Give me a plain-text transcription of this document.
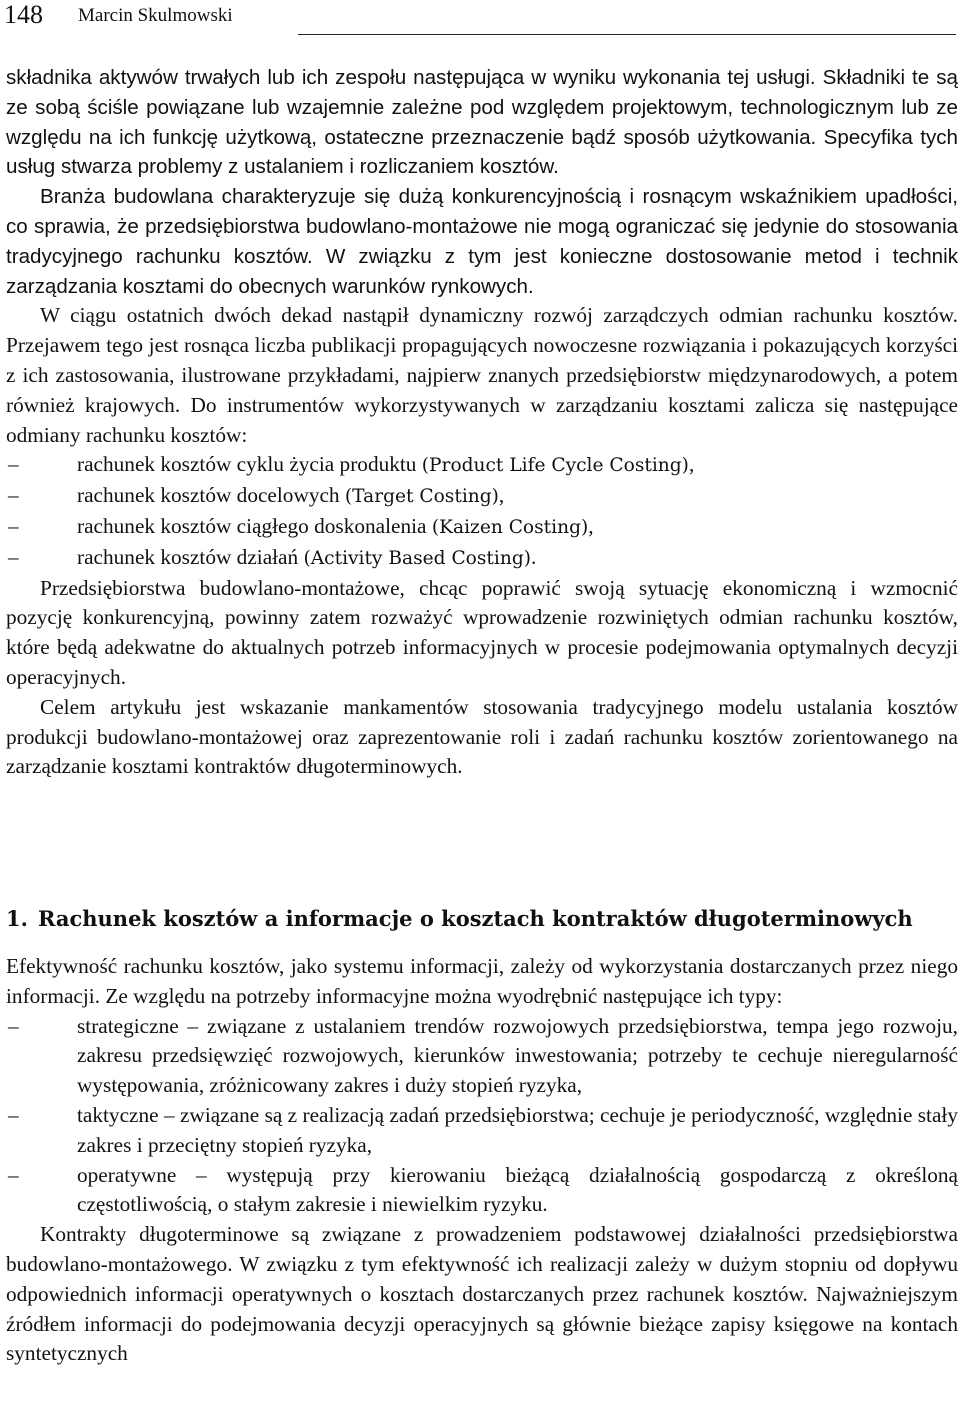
148 Marcin Skulmowski

składnika aktywów trwałych lub ich zespołu następująca w wyniku wykonania tej usługi. Składniki te są ze sobą ściśle powiązane lub wzajemnie zależne pod względem projektowym, technologicznym lub ze względu na ich funkcję użytkową, ostateczne przeznaczenie bądź sposób użytkowania. Specyfika tych usług stwarza problemy z ustalaniem i rozliczaniem kosztów.

Branża budowlana charakteryzuje się dużą konkurencyjnością i rosnącym wskaźnikiem upadłości, co sprawia, że przedsiębiorstwa budowlano-montażowe nie mogą ograniczać się jedynie do stosowania tradycyjnego rachunku kosztów. W związku z tym jest konieczne dostosowanie metod i technik zarządzania kosztami do obecnych warunków rynkowych.

W ciągu ostatnich dwóch dekad nastąpił dynamiczny rozwój zarządczych odmian rachunku kosztów. Przejawem tego jest rosnąca liczba publikacji propagujących nowoczesne rozwiązania i pokazujących korzyści z ich zastosowania, ilustrowane przykładami, najpierw znanych przedsiębiorstw międzynarodowych, a potem również krajowych. Do instrumentów wykorzystywanych w zarządzaniu kosztami zalicza się następujące odmiany rachunku kosztów:

–	rachunek kosztów cyklu życia produktu (Product Life Cycle Costing),
–	rachunek kosztów docelowych (Target Costing),
–	rachunek kosztów ciągłego doskonalenia (Kaizen Costing),
–	rachunek kosztów działań (Activity Based Costing).

Przedsiębiorstwa budowlano-montażowe, chcąc poprawić swoją sytuację ekonomiczną i wzmocnić pozycję konkurencyjną, powinny zatem rozważyć wprowadzenie rozwiniętych odmian rachunku kosztów, które będą adekwatne do aktualnych potrzeb informacyjnych w procesie podejmowania optymalnych decyzji operacyjnych.

Celem artykułu jest wskazanie mankamentów stosowania tradycyjnego modelu ustalania kosztów produkcji budowlano-montażowej oraz zaprezentowanie roli i zadań rachunku kosztów zorientowanego na zarządzanie kosztami kontraktów długoterminowych.

1. Rachunek kosztów a informacje o kosztach kontraktów długoterminowych

Efektywność rachunku kosztów, jako systemu informacji, zależy od wykorzystania dostarczanych przez niego informacji. Ze względu na potrzeby informacyjne można wyodrębnić następujące ich typy:

–	strategiczne – związane z ustalaniem trendów rozwojowych przedsiębiorstwa, tempa jego rozwoju, zakresu przedsięwzięć rozwojowych, kierunków inwestowania; potrzeby te cechuje nieregularność występowania, zróżnicowany zakres i duży stopień ryzyka,
–	taktyczne – związane są z realizacją zadań przedsiębiorstwa; cechuje je periodyczność, względnie stały zakres i przeciętny stopień ryzyka,
–	operatywne – występują przy kierowaniu bieżącą działalnością gospodarczą z określoną częstotliwością, o stałym zakresie i niewielkim ryzyku.

Kontrakty długoterminowe są związane z prowadzeniem podstawowej działalności przedsiębiorstwa budowlano-montażowego. W związku z tym efektywność ich realizacji zależy w dużym stopniu od dopływu odpowiednich informacji operatywnych o kosztach dostarczanych przez rachunek kosztów. Najważniejszym źródłem informacji do podejmowania decyzji operacyjnych są głównie bieżące zapisy księgowe na kontach syntetycznych
